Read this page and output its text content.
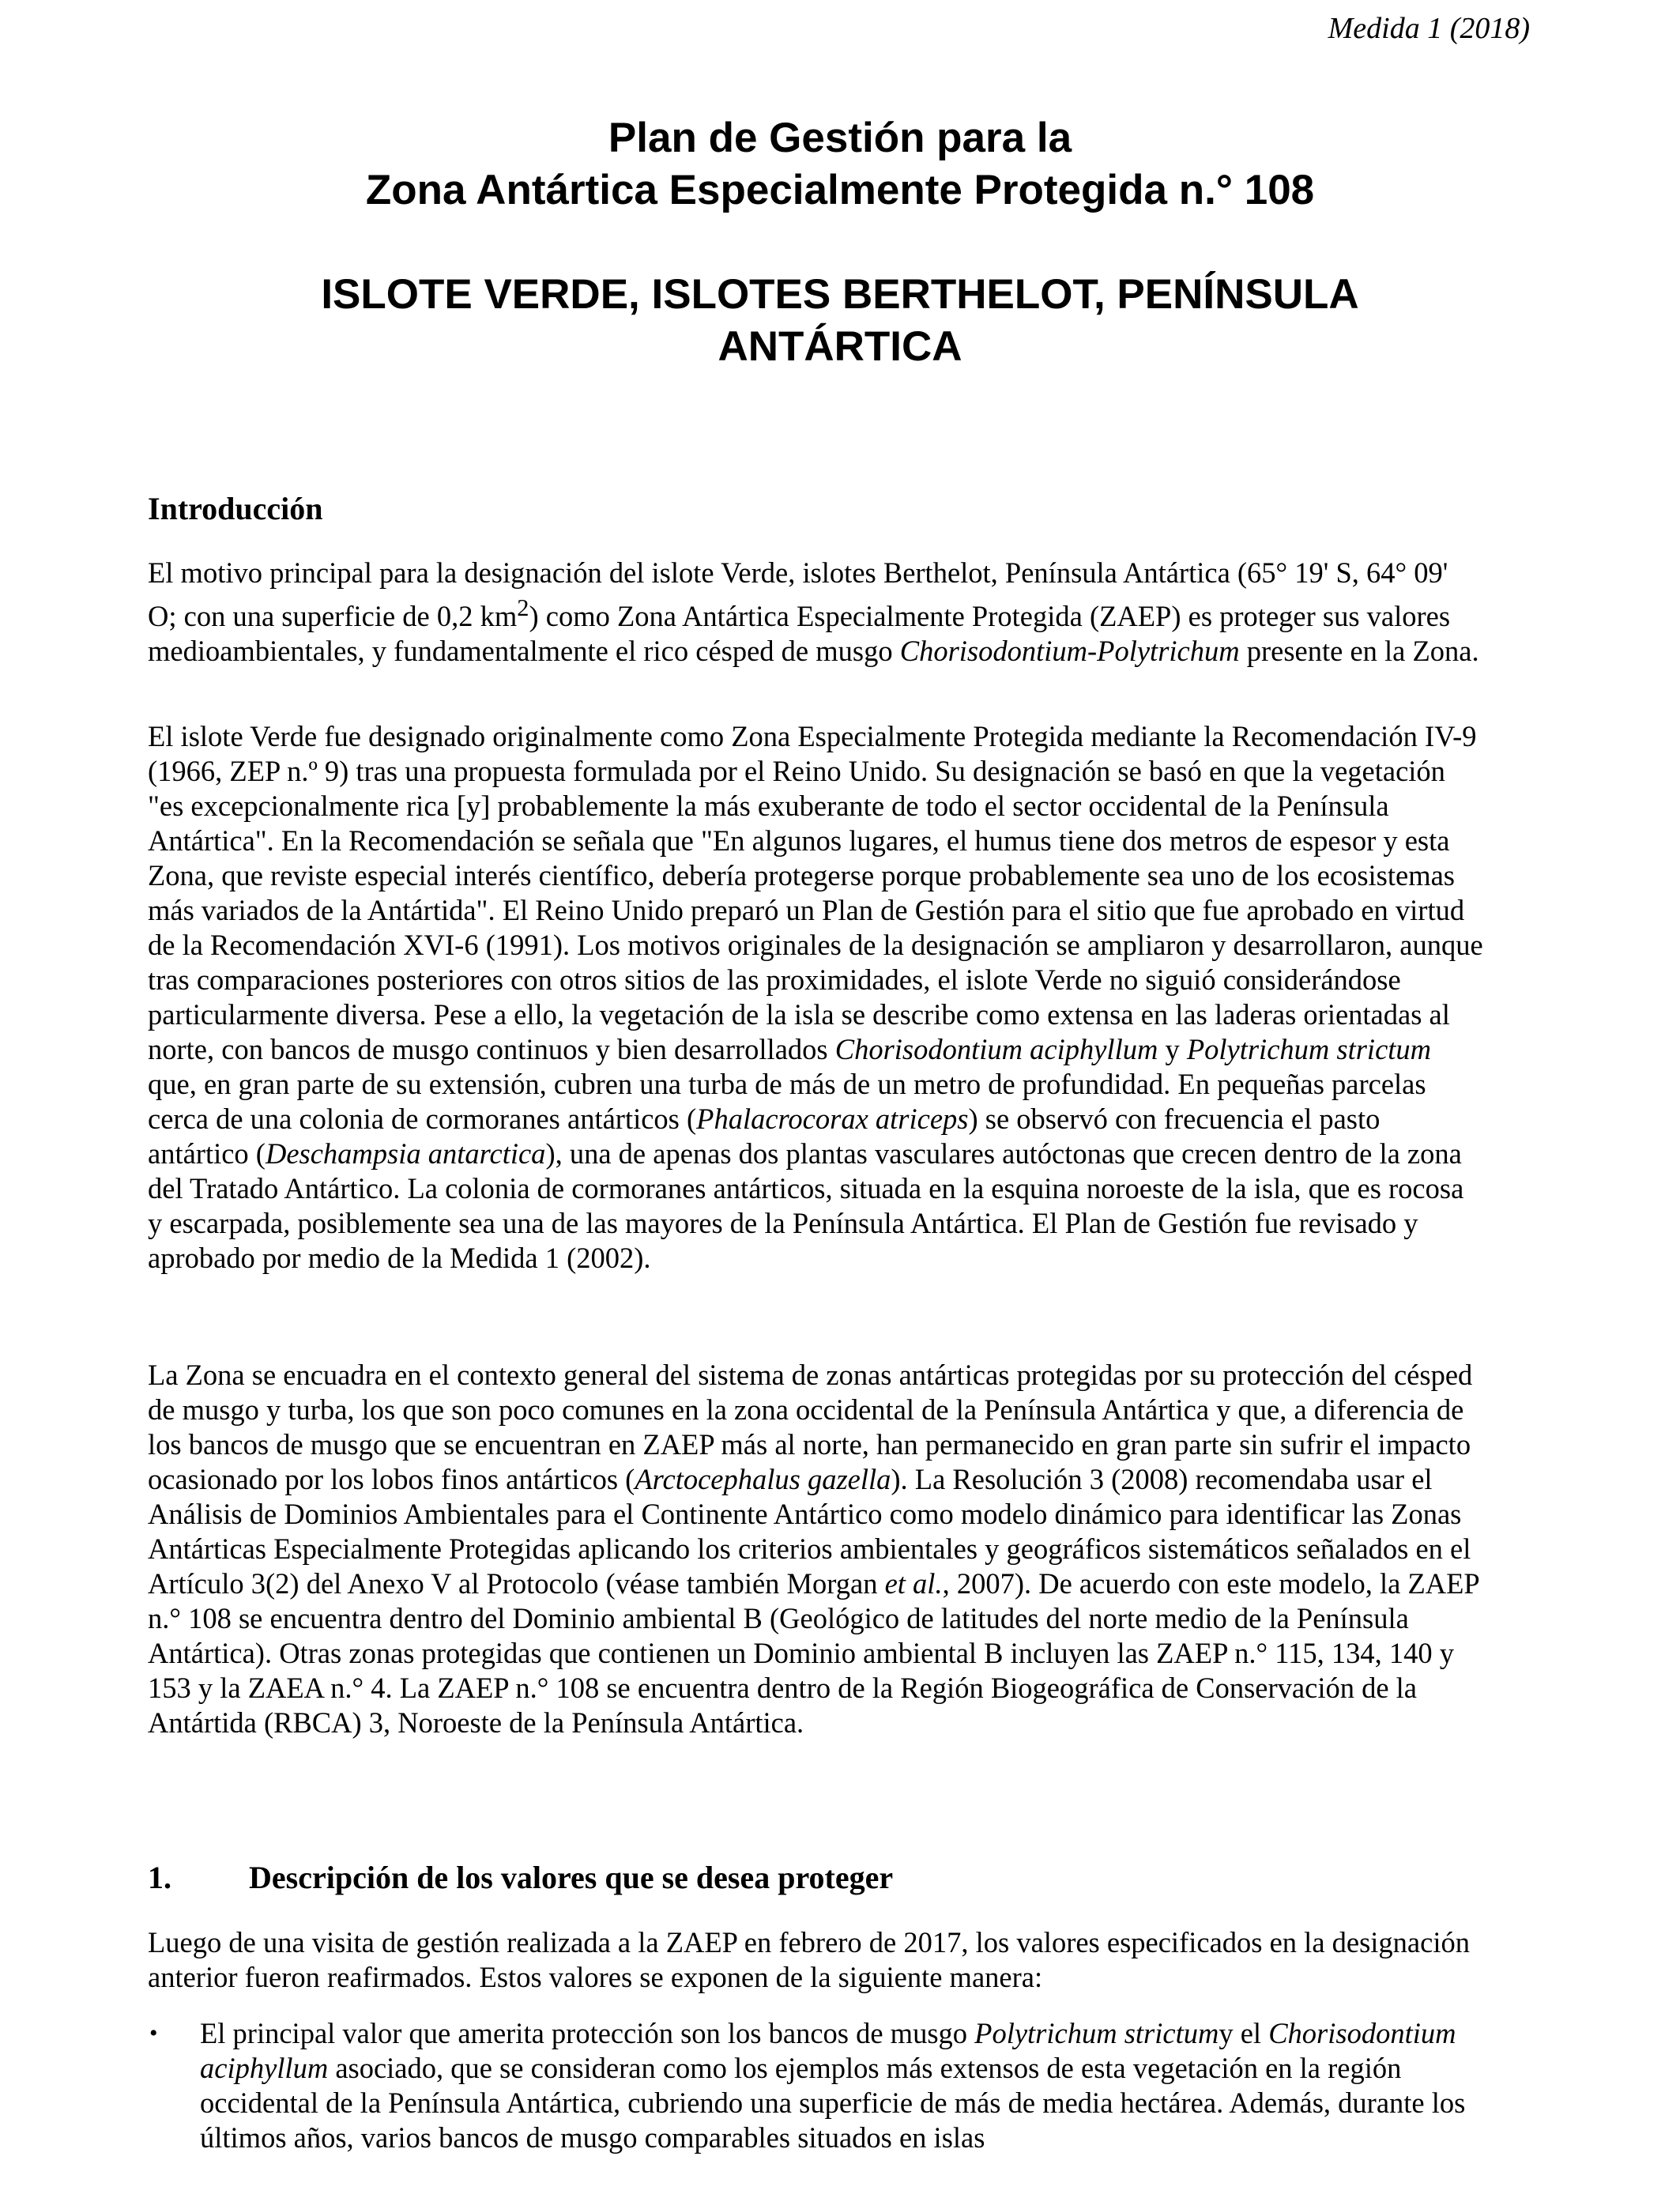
Medida 1 (2018)
Plan de Gestión para la
Zona Antártica Especialmente Protegida n.° 108
ISLOTE VERDE, ISLOTES BERTHELOT, PENÍNSULA
ANTÁRTICA
Introducción

El motivo principal para la designación del islote Verde, islotes Berthelot, Península Antártica (65° 19' S, 64° 09' O; con una superficie de 0,2 $km^2$) como Zona Antártica Especialmente Protegida (ZAEP) es proteger sus valores medioambientales, y fundamentalmente el rico césped de musgo Chorisodontium-Polytrichum presente en la Zona.

El islote Verde fue designado originalmente como Zona Especialmente Protegida mediante la Recomendación IV-9 (1966, ZEP n.º 9) tras una propuesta formulada por el Reino Unido. Su designación se basó en que la vegetación "es excepcionalmente rica [y] probablemente la más exuberante de todo el sector occidental de la Península Antártica". En la Recomendación se señala que "En algunos lugares, el humus tiene dos metros de espesor y esta Zona, que reviste especial interés científico, debería protegerse porque probablemente sea uno de los ecosistemas más variados de la Antártida". El Reino Unido preparó un Plan de Gestión para el sitio que fue aprobado en virtud de la Recomendación XVI-6 (1991). Los motivos originales de la designación se ampliaron y desarrollaron, aunque tras comparaciones posteriores con otros sitios de las proximidades, el islote Verde no siguió considerándose particularmente diversa. Pese a ello, la vegetación de la isla se describe como extensa en las laderas orientadas al norte, con bancos de musgo continuos y bien desarrollados Chorisodontium aciphyllum y Polytrichum strictum que, en gran parte de su extensión, cubren una turba de más de un metro de profundidad. En pequeñas parcelas cerca de una colonia de cormoranes antárticos (Phalacrocorax atriceps) se observó con frecuencia el pasto antártico (Deschampsia antarctica), una de apenas dos plantas vasculares autóctonas que crecen dentro de la zona del Tratado Antártico. La colonia de cormoranes antárticos, situada en la esquina noroeste de la isla, que es rocosa y escarpada, posiblemente sea una de las mayores de la Península Antártica. El Plan de Gestión fue revisado y aprobado por medio de la Medida 1 (2002).

La Zona se encuadra en el contexto general del sistema de zonas antárticas protegidas por su protección del césped de musgo y turba, los que son poco comunes en la zona occidental de la Península Antártica y que, a diferencia de los bancos de musgo que se encuentran en ZAEP más al norte, han permanecido en gran parte sin sufrir el impacto ocasionado por los lobos finos antárticos (Arctocephalus gazella). La Resolución 3 (2008) recomendaba usar el Análisis de Dominios Ambientales para el Continente Antártico como modelo dinámico para identificar las Zonas Antárticas Especialmente Protegidas aplicando los criterios ambientales y geográficos sistemáticos señalados en el Artículo 3(2) del Anexo V al Protocolo (véase también Morgan et al., 2007). De acuerdo con este modelo, la ZAEP n.° 108 se encuentra dentro del Dominio ambiental B (Geológico de latitudes del norte medio de la Península Antártica). Otras zonas protegidas que contienen un Dominio ambiental B incluyen las ZAEP n.° 115, 134, 140 y 153 y la ZAEA n.° 4. La ZAEP n.° 108 se encuentra dentro de la Región Biogeográfica de Conservación de la Antártida (RBCA) 3, Noroeste de la Península Antártica.

1. Descripción de los valores que se desea proteger

Luego de una visita de gestión realizada a la ZAEP en febrero de 2017, los valores especificados en la designación anterior fueron reafirmados. Estos valores se exponen de la siguiente manera:

• El principal valor que amerita protección son los bancos de musgo Polytrichum strictumy el Chorisodontium aciphyllum asociado, que se consideran como los ejemplos más extensos de esta vegetación en la región occidental de la Península Antártica, cubriendo una superficie de más de media hectárea. Además, durante los últimos años, varios bancos de musgo comparables situados en islas
